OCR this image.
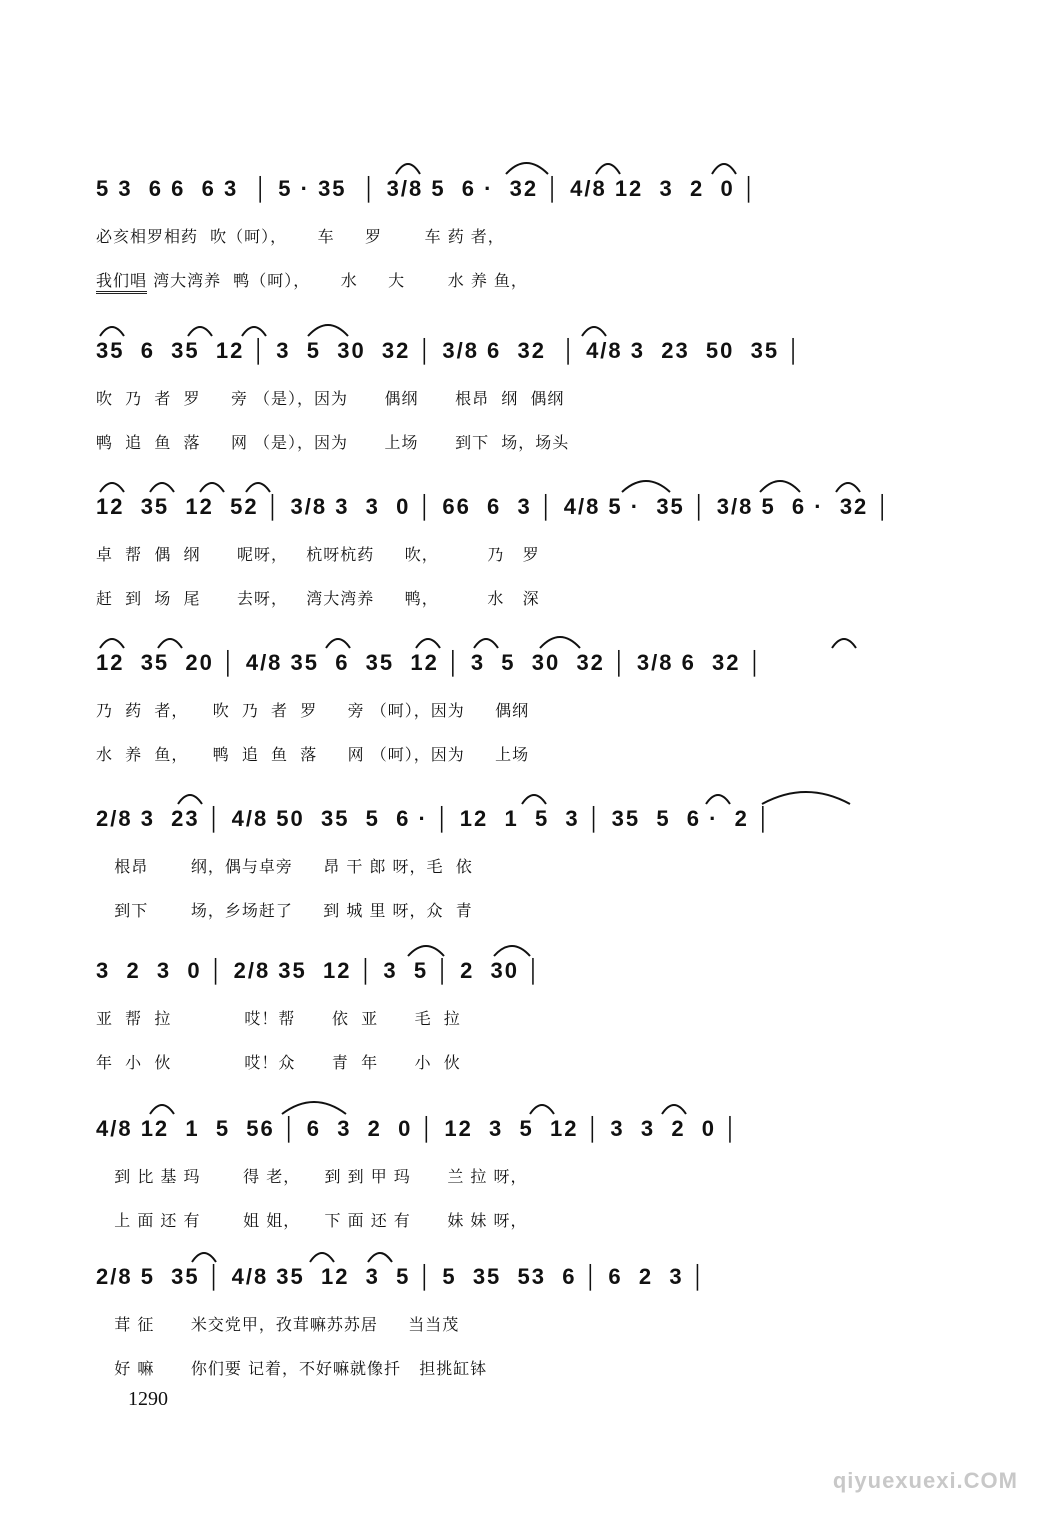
5 3  6 6  6 3  │ 5 · 35  │ 3/8 5  6 ·  32 │ 4/8 12  3  2  0 │
必亥相罗相药  吹（呵），     车     罗       车 药 者，
我们唱 湾大湾养  鸭（呵），     水     大       水 养 鱼，
35  6  35  12 │ 3  5  30  32 │ 3/8 6  32  │ 4/8 3  23  50  35 │
吹  乃  者  罗     旁 （是），因为      偶纲      根昂  纲  偶纲
鸭  追  鱼  落     网 （是），因为      上场      到下  场，场头
12  35  12  52 │ 3/8 3  3  0 │ 66  6  3 │ 4/8 5 ·  35 │ 3/8 5  6 ·  32 │
卓  帮  偶  纲      呢呀，   杭呀杭药     吹，        乃   罗
赶  到  场  尾      去呀，   湾大湾养     鸭，        水   深
12  35  20 │ 4/8 35  6  35  12 │ 3  5  30  32 │ 3/8 6  32 │
乃  药  者，    吹  乃  者  罗     旁 （呵），因为     偶纲
水  养  鱼，    鸭  追  鱼  落     网 （呵），因为     上场
2/8 3  23 │ 4/8 50  35  5  6 · │ 12  1  5  3 │ 35  5  6 ·  2 │
根昂       纲，偶与卓旁     昂 干 郎 呀，毛  依
到下       场，乡场赶了     到 城 里 呀，众  青
3  2  3  0 │ 2/8 35  12 │ 3  5 │ 2  30 │
亚  帮  拉            哎！帮      依  亚      毛  拉
年  小  伙            哎！众      青  年      小  伙
4/8 12  1  5  56 │ 6  3  2  0 │ 12  3  5  12 │ 3  3  2  0 │
到 比 基 玛       得 老，    到 到 甲 玛      兰 拉 呀，
上 面 还 有       姐 姐，    下 面 还 有      妹 妹 呀，
2/8 5  35 │ 4/8 35  12  3  5 │ 5  35  53  6 │ 6  2  3 │
茸 征      米交党甲，孜茸嘛苏苏居     当当茂
好 嘛      你们要 记着，不好嘛就像扦   担挑缸钵
1290
qiyuexuexi.COM
